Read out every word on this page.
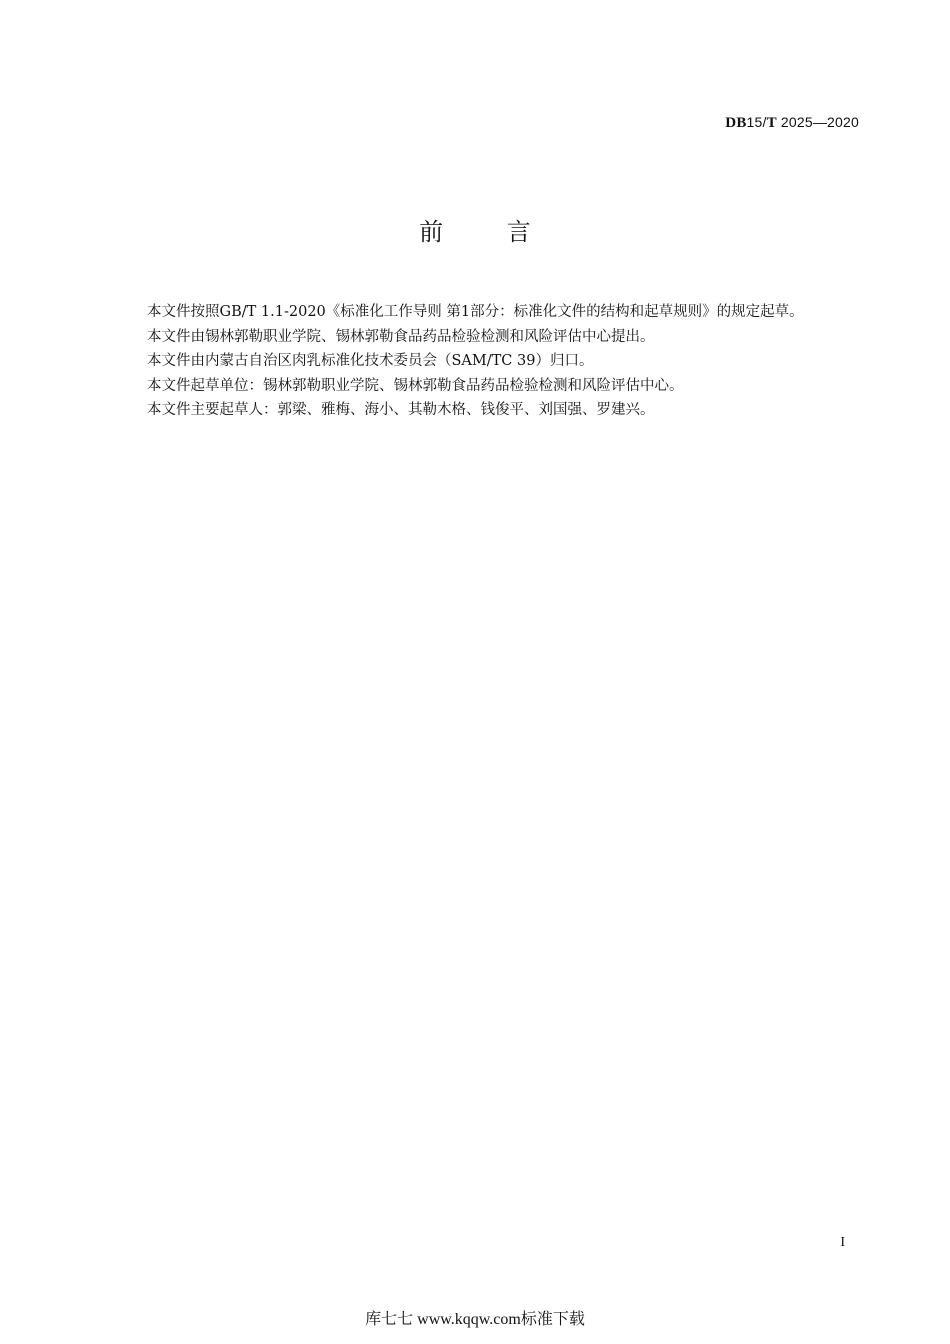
DB15/T 2025—2020
前 言

本文件按照GB/T 1.1-2020《标准化工作导则 第1部分：标准化文件的结构和起草规则》的规定起草。

本文件由锡林郭勒职业学院、锡林郭勒食品药品检验检测和风险评估中心提出。

本文件由内蒙古自治区肉乳标准化技术委员会（SAM/TC 39）归口。

本文件起草单位：锡林郭勒职业学院、锡林郭勒食品药品检验检测和风险评估中心。

本文件主要起草人：郭梁、雅梅、海小、其勒木格、钱俊平、刘国强、罗建兴。

I
库七七 www.kqqw.com标准下载
